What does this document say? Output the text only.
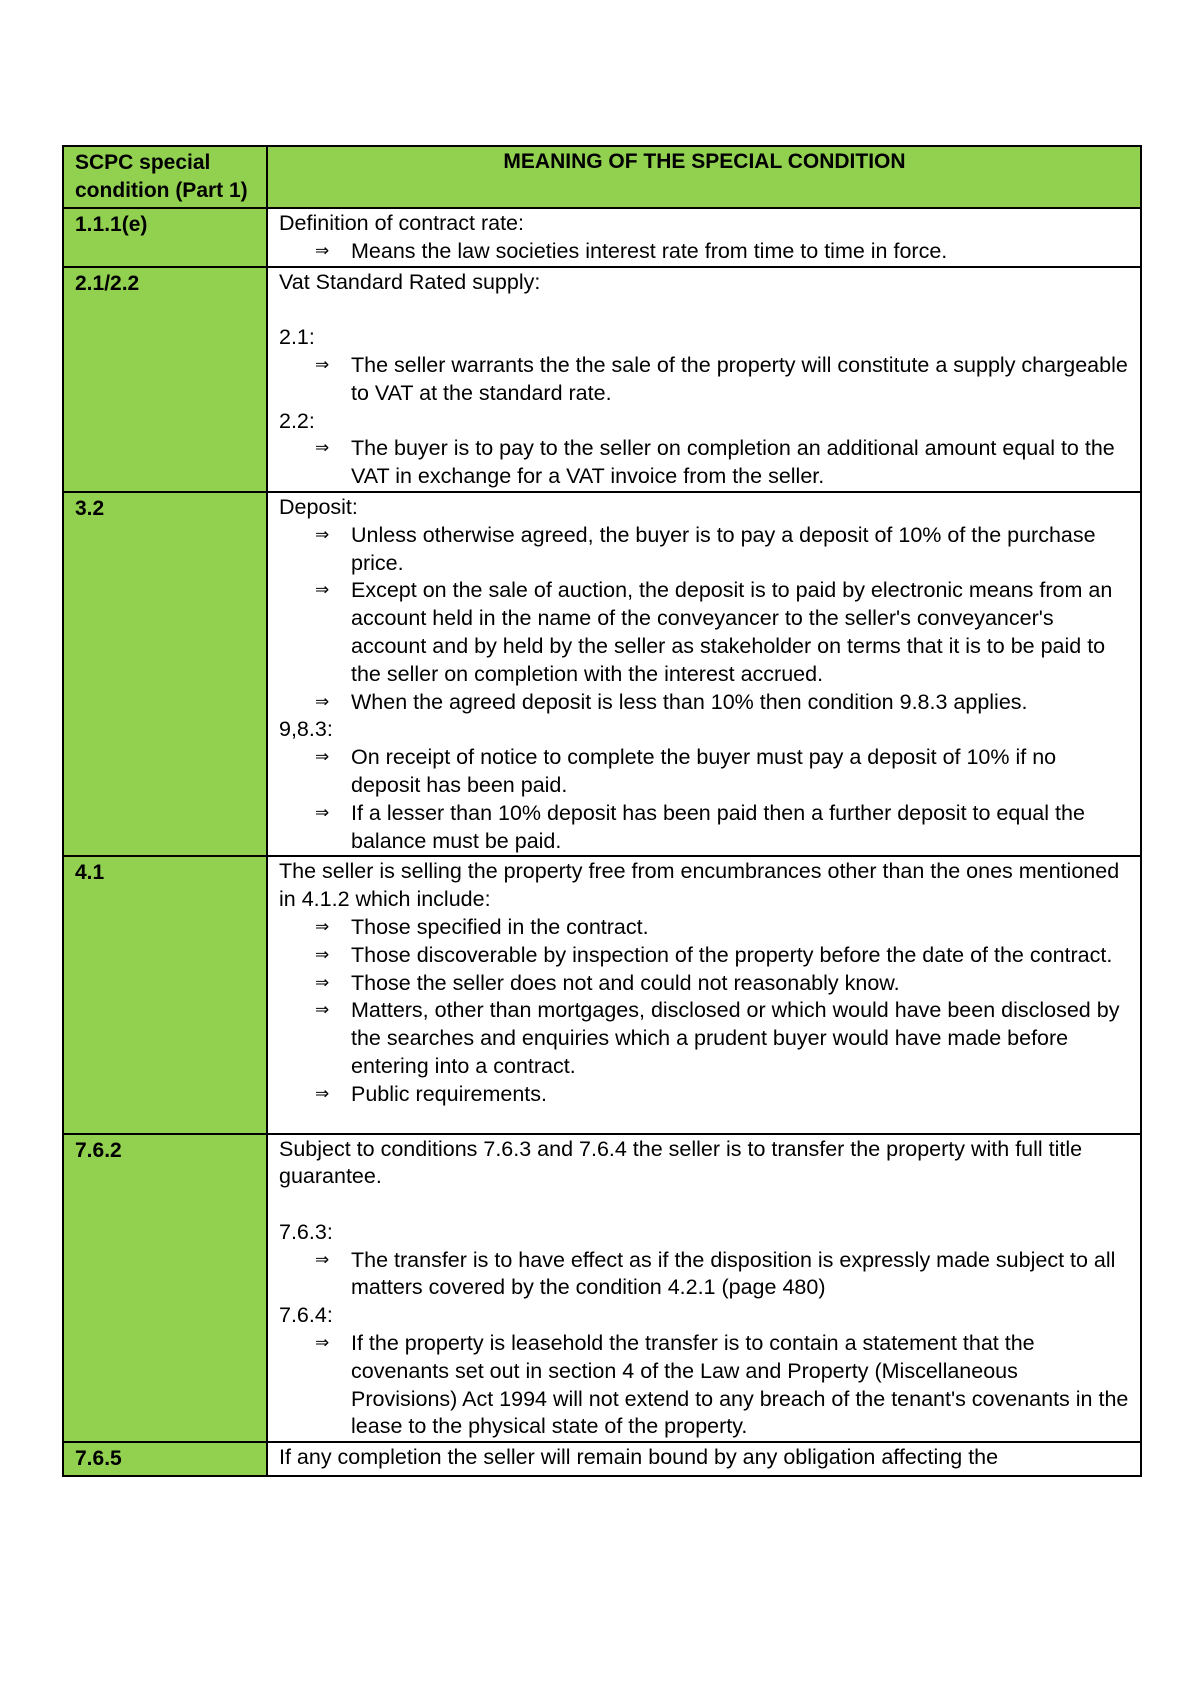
SCPC special condition (Part 1)
MEANING OF THE SPECIAL CONDITION
1.1.1(e)	Definition of contract rate:
⇒	Means the law societies interest rate from time to time in force.
2.1/2.2	Vat Standard Rated supply:
2.1:
⇒	The seller warrants the the sale of the property will constitute a supply chargeable to VAT at the standard rate.
2.2:
⇒	The buyer is to pay to the seller on completion an additional amount equal to the VAT in exchange for a VAT invoice from the seller.
3.2	Deposit:
⇒	Unless otherwise agreed, the buyer is to pay a deposit of 10% of the purchase price.
⇒	Except on the sale of auction, the deposit is to paid by electronic means from an account held in the name of the conveyancer to the seller's conveyancer's account and by held by the seller as stakeholder on terms that it is to be paid to the seller on completion with the interest accrued.
⇒	When the agreed deposit is less than 10% then condition 9.8.3 applies.
9,8.3:
⇒	On receipt of notice to complete the buyer must pay a deposit of 10% if no deposit has been paid.
⇒	If a lesser than 10% deposit has been paid then a further deposit to equal the balance must be paid.
4.1	The seller is selling the property free from encumbrances other than the ones mentioned in 4.1.2 which include:
⇒	Those specified in the contract.
⇒	Those discoverable by inspection of the property before the date of the contract.
⇒	Those the seller does not and could not reasonably know.
⇒	Matters, other than mortgages, disclosed or which would have been disclosed by the searches and enquiries which a prudent buyer would have made before entering into a contract.
⇒	Public requirements.
7.6.2	Subject to conditions 7.6.3 and 7.6.4 the seller is to transfer the property with full title guarantee.
7.6.3:
⇒	The transfer is to have effect as if the disposition is expressly made subject to all matters covered by the condition 4.2.1 (page 480)
7.6.4:
⇒	If the property is leasehold the transfer is to contain a statement that the covenants set out in section 4 of the Law and Property (Miscellaneous Provisions) Act 1994 will not extend to any breach of the tenant's covenants in the lease to the physical state of the property.
7.6.5	If any completion the seller will remain bound by any obligation affecting the
